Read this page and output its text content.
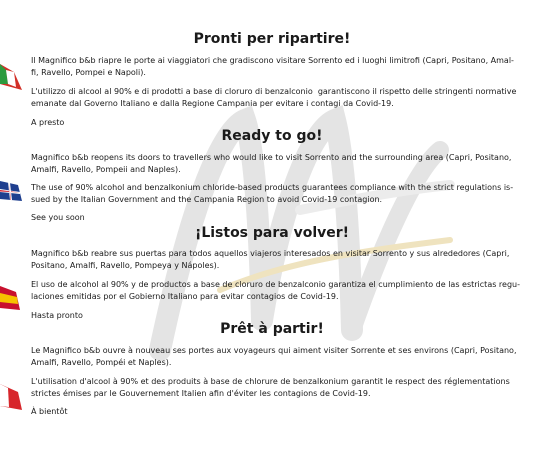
Pronti per ripartire!

Il Magnifico b&b riapre le porte ai viaggiatori che gradiscono visitare Sorrento ed i luoghi limitrofi (Capri, Positano, Amal-
fi, Ravello, Pompei e Napoli).

L'utilizzo di alcool al 90% e di prodotti a base di cloruro di benzalconio  garantiscono il rispetto delle stringenti normative
emanate dal Governo Italiano e dalla Regione Campania per evitare i contagi da Covid-19.

A presto

Ready to go!

Magnifico b&b reopens its doors to travellers who would like to visit Sorrento and the surrounding area (Capri, Positano,
Amalfi, Ravello, Pompeii and Naples).

The use of 90% alcohol and benzalkonium chloride-based products guarantees compliance with the strict regulations is-
sued by the Italian Government and the Campania Region to avoid Covid-19 contagion.

See you soon

¡Listos para volver!

Magnifico b&b reabre sus puertas para todos aquellos viajeros interesados en visitar Sorrento y sus alrededores (Capri,
Positano, Amalfi, Ravello, Pompeya y Nápoles).

El uso de alcohol al 90% y de productos a base de cloruro de benzalconio garantiza el cumplimiento de las estrictas regu-
laciones emitidas por el Gobierno Italiano para evitar contagios de Covid-19.

Hasta pronto

Prêt à partir!

Le Magnifico b&b ouvre à nouveau ses portes aux voyageurs qui aiment visiter Sorrente et ses environs (Capri, Positano,
Amalfi, Ravello, Pompéi et Naples).

L'utilisation d'alcool à 90% et des produits à base de chlorure de benzalkonium garantit le respect des réglementations
strictes émises par le Gouvernement Italien afin d'éviter les contagions de Covid-19.

À bientôt
